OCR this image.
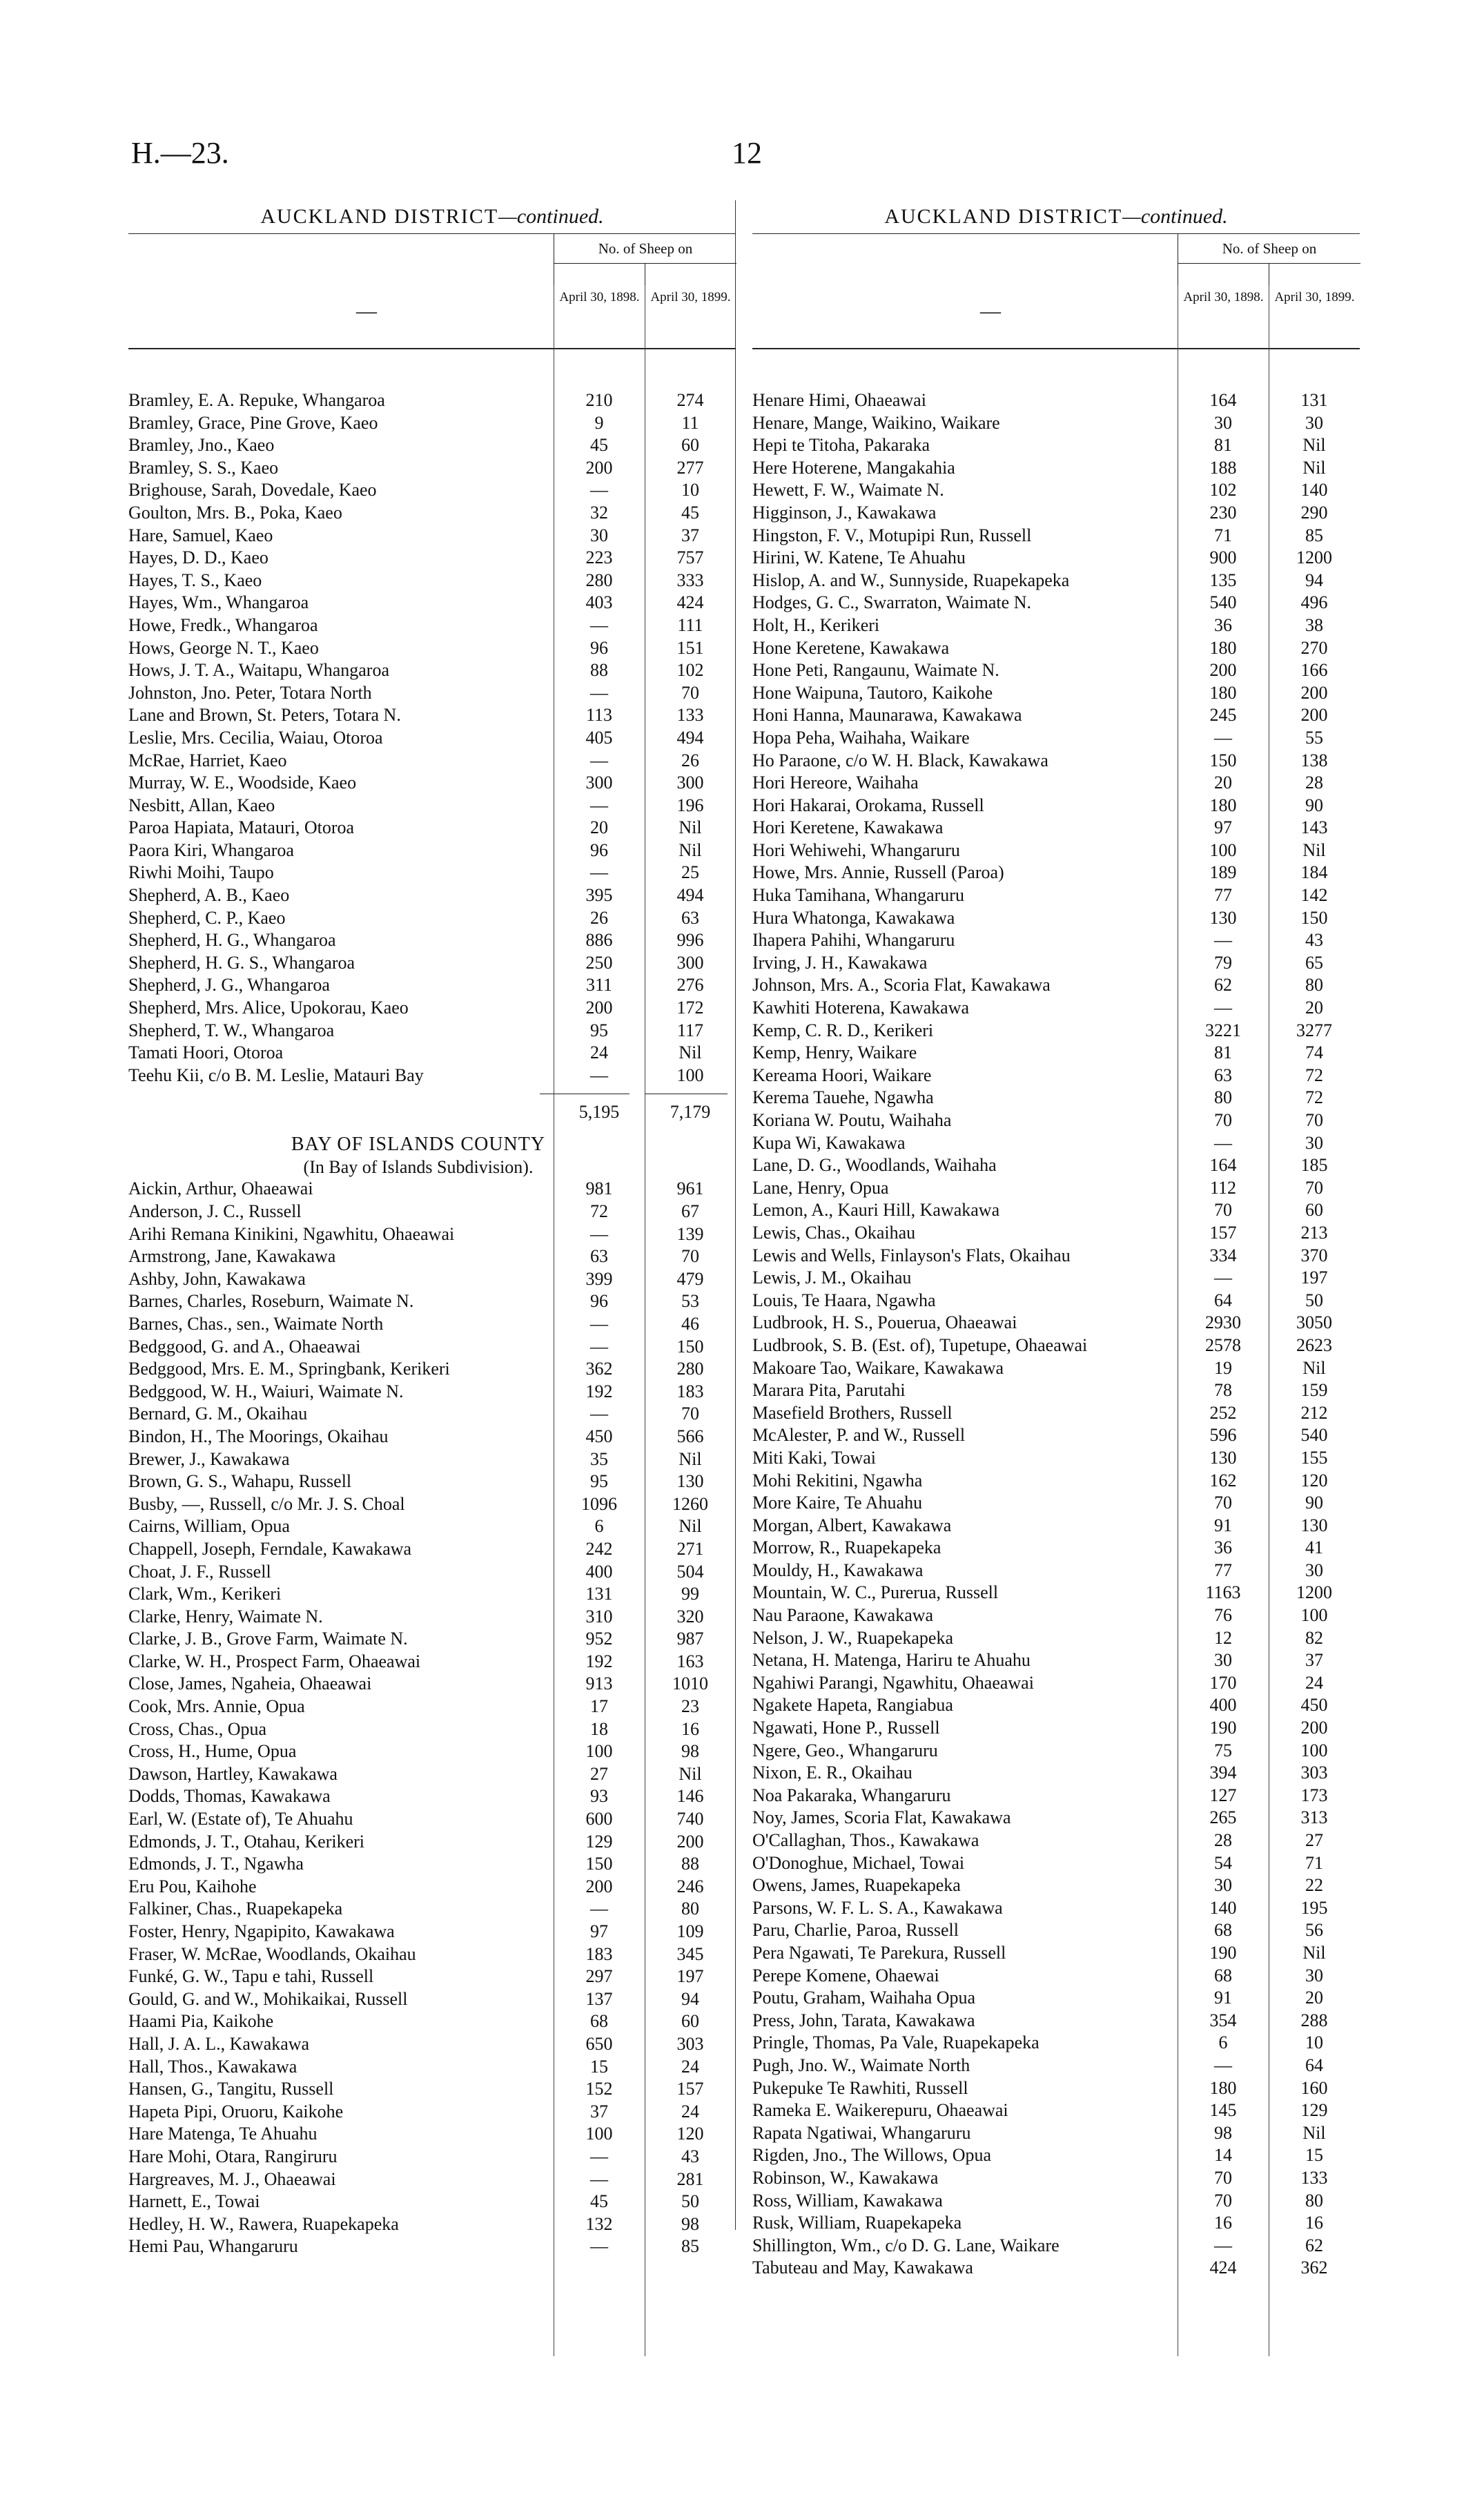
H.—23.	12
AUCKLAND DISTRICT—continued.
—
No. of Sheep on
April 30, 1898. April 30, 1899.
Bramley, E. A. Repuke, Whangaroa	210	274
Bramley, Grace, Pine Grove, Kaeo	9	11
Bramley, Jno., Kaeo	45	60
Bramley, S. S., Kaeo	200	277
Brighouse, Sarah, Dovedale, Kaeo	—	10
Goulton, Mrs. B., Poka, Kaeo	32	45
Hare, Samuel, Kaeo	30	37
Hayes, D. D., Kaeo	223	757
Hayes, T. S., Kaeo	280	333
Hayes, Wm., Whangaroa	403	424
Howe, Fredk., Whangaroa	—	111
Hows, George N. T., Kaeo	96	151
Hows, J. T. A., Waitapu, Whangaroa	88	102
Johnston, Jno. Peter, Totara North	—	70
Lane and Brown, St. Peters, Totara N.	113	133
Leslie, Mrs. Cecilia, Waiau, Otoroa	405	494
McRae, Harriet, Kaeo	—	26
Murray, W. E., Woodside, Kaeo	300	300
Nesbitt, Allan, Kaeo	—	196
Paroa Hapiata, Matauri, Otoroa	20	Nil
Paora Kiri, Whangaroa	96	Nil
Riwhi Moihi, Taupo	—	25
Shepherd, A. B., Kaeo	395	494
Shepherd, C. P., Kaeo	26	63
Shepherd, H. G., Whangaroa	886	996
Shepherd, H. G. S., Whangaroa	250	300
Shepherd, J. G., Whangaroa	311	276
Shepherd, Mrs. Alice, Upokorau, Kaeo	200	172
Shepherd, T. W., Whangaroa	95	117
Tamati Hoori, Otoroa	24	Nil
Teehu Kii, c/o B. M. Leslie, Matauri Bay	—	100
5,195	7,179
BAY OF ISLANDS COUNTY
(In Bay of Islands Subdivision).
Aickin, Arthur, Ohaeawai	981	961
Anderson, J. C., Russell	72	67
Arihi Remana Kinikini, Ngawhitu, Ohaeawai	—	139
Armstrong, Jane, Kawakawa	63	70
Ashby, John, Kawakawa	399	479
Barnes, Charles, Roseburn, Waimate N.	96	53
Barnes, Chas., sen., Waimate North	—	46
Bedggood, G. and A., Ohaeawai	—	150
Bedggood, Mrs. E. M., Springbank, Kerikeri	362	280
Bedggood, W. H., Waiuri, Waimate N.	192	183
Bernard, G. M., Okaihau	—	70
Bindon, H., The Moorings, Okaihau	450	566
Brewer, J., Kawakawa	35	Nil
Brown, G. S., Wahapu, Russell	95	130
Busby, —, Russell, c/o Mr. J. S. Choal	1096	1260
Cairns, William, Opua	6	Nil
Chappell, Joseph, Ferndale, Kawakawa	242	271
Choat, J. F., Russell	400	504
Clark, Wm., Kerikeri	131	99
Clarke, Henry, Waimate N.	310	320
Clarke, J. B., Grove Farm, Waimate N.	952	987
Clarke, W. H., Prospect Farm, Ohaeawai	192	163
Close, James, Ngaheia, Ohaeawai	913	1010
Cook, Mrs. Annie, Opua	17	23
Cross, Chas., Opua	18	16
Cross, H., Hume, Opua	100	98
Dawson, Hartley, Kawakawa	27	Nil
Dodds, Thomas, Kawakawa	93	146
Earl, W. (Estate of), Te Ahuahu	600	740
Edmonds, J. T., Otahau, Kerikeri	129	200
Edmonds, J. T., Ngawha	150	88
Eru Pou, Kaihohe	200	246
Falkiner, Chas., Ruapekapeka	—	80
Foster, Henry, Ngapipito, Kawakawa	97	109
Fraser, W. McRae, Woodlands, Okaihau	183	345
Funké, G. W., Tapu e tahi, Russell	297	197
Gould, G. and W., Mohikaikai, Russell	137	94
Haami Pia, Kaikohe	68	60
Hall, J. A. L., Kawakawa	650	303
Hall, Thos., Kawakawa	15	24
Hansen, G., Tangitu, Russell	152	157
Hapeta Pipi, Oruoru, Kaikohe	37	24
Hare Matenga, Te Ahuahu	100	120
Hare Mohi, Otara, Rangiruru	—	43
Hargreaves, M. J., Ohaeawai	—	281
Harnett, E., Towai	45	50
Hedley, H. W., Rawera, Ruapekapeka	132	98
Hemi Pau, Whangaruru	—	85
AUCKLAND DISTRICT—continued.
—
No. of Sheep on
April 30, 1898. April 30, 1899.
Henare Himi, Ohaeawai	164	131
Henare, Mange, Waikino, Waikare	30	30
Hepi te Titoha, Pakaraka	81	Nil
Here Hoterene, Mangakahia	188	Nil
Hewett, F. W., Waimate N.	102	140
Higginson, J., Kawakawa	230	290
Hingston, F. V., Motupipi Run, Russell	71	85
Hirini, W. Katene, Te Ahuahu	900	1200
Hislop, A. and W., Sunnyside, Ruapekapeka	135	94
Hodges, G. C., Swarraton, Waimate N.	540	496
Holt, H., Kerikeri	36	38
Hone Keretene, Kawakawa	180	270
Hone Peti, Rangaunu, Waimate N.	200	166
Hone Waipuna, Tautoro, Kaikohe	180	200
Honi Hanna, Maunarawa, Kawakawa	245	200
Hopa Peha, Waihaha, Waikare	—	55
Ho Paraone, c/o W. H. Black, Kawakawa	150	138
Hori Hereore, Waihaha	20	28
Hori Hakarai, Orokama, Russell	180	90
Hori Keretene, Kawakawa	97	143
Hori Wehiwehi, Whangaruru	100	Nil
Howe, Mrs. Annie, Russell (Paroa)	189	184
Huka Tamihana, Whangaruru	77	142
Hura Whatonga, Kawakawa	130	150
Ihapera Pahihi, Whangaruru	—	43
Irving, J. H., Kawakawa	79	65
Johnson, Mrs. A., Scoria Flat, Kawakawa	62	80
Kawhiti Hoterena, Kawakawa	—	20
Kemp, C. R. D., Kerikeri	3221	3277
Kemp, Henry, Waikare	81	74
Kereama Hoori, Waikare	63	72
Kerema Tauehe, Ngawha	80	72
Koriana W. Poutu, Waihaha	70	70
Kupa Wi, Kawakawa	—	30
Lane, D. G., Woodlands, Waihaha	164	185
Lane, Henry, Opua	112	70
Lemon, A., Kauri Hill, Kawakawa	70	60
Lewis, Chas., Okaihau	157	213
Lewis and Wells, Finlayson's Flats, Okaihau	334	370
Lewis, J. M., Okaihau	—	197
Louis, Te Haara, Ngawha	64	50
Ludbrook, H. S., Pouerua, Ohaeawai	2930	3050
Ludbrook, S. B. (Est. of), Tupetupe, Ohaeawai	2578	2623
Makoare Tao, Waikare, Kawakawa	19	Nil
Marara Pita, Parutahi	78	159
Masefield Brothers, Russell	252	212
McAlester, P. and W., Russell	596	540
Miti Kaki, Towai	130	155
Mohi Rekitini, Ngawha	162	120
More Kaire, Te Ahuahu	70	90
Morgan, Albert, Kawakawa	91	130
Morrow, R., Ruapekapeka	36	41
Mouldy, H., Kawakawa	77	30
Mountain, W. C., Pureruа, Russell	1163	1200
Nau Paraone, Kawakawa	76	100
Nelson, J. W., Ruapekapeka	12	82
Netana, H. Matenga, Hariru te Ahuahu	30	37
Ngahiwi Parangi, Ngawhitu, Ohaeawai	170	24
Ngakete Hapeta, Rangiabua	400	450
Ngawati, Hone P., Russell	190	200
Ngere, Geo., Whangaruru	75	100
Nixon, E. R., Okaihau	394	303
Noa Pakaraka, Whangaruru	127	173
Noy, James, Scoria Flat, Kawakawa	265	313
O'Callaghan, Thos., Kawakawa	28	27
O'Donoghue, Michael, Towai	54	71
Owens, James, Ruapekapeka	30	22
Parsons, W. F. L. S. A., Kawakawa	140	195
Paru, Charlie, Paroa, Russell	68	56
Pera Ngawati, Te Parekura, Russell	190	Nil
Perepe Komene, Ohaewai	68	30
Poutu, Graham, Waihaha Opua	91	20
Press, John, Tarata, Kawakawa	354	288
Pringle, Thomas, Pa Vale, Ruapekapeka	6	10
Pugh, Jno. W., Waimate North	—	64
Pukepuke Te Rawhiti, Russell	180	160
Rameka E. Waikerepuru, Ohaeawai	145	129
Rapata Ngatiwai, Whangaruru	98	Nil
Rigden, Jno., The Willows, Opua	14	15
Robinson, W., Kawakawa	70	133
Ross, William, Kawakawa	70	80
Rusk, William, Ruapekapeka	16	16
Shillington, Wm., c/o D. G. Lane, Waikare	—	62
Tabuteau and May, Kawakawa	424	362
